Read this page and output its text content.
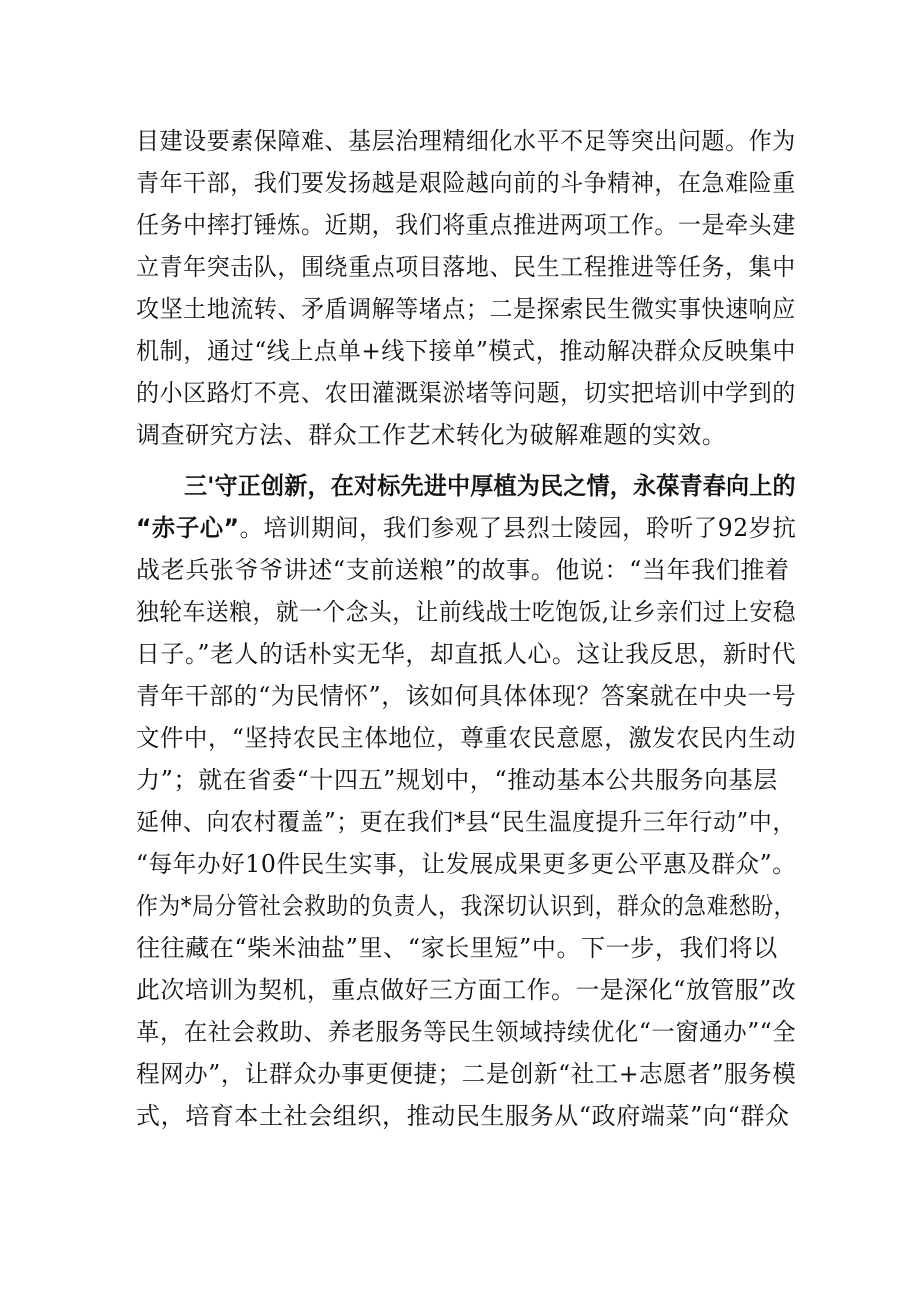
目建设要素保障难、基层治理精细化水平不足等突出问题。作为
青年干部，我们要发扬越是艰险越向前的斗争精神，在急难险重
任务中摔打锤炼。近期，我们将重点推进两项工作。一是牵头建
立青年突击队，围绕重点项目落地、民生工程推进等任务，集中
攻坚土地流转、矛盾调解等堵点；二是探索民生微实事快速响应
机制，通过“线上点单+线下接单”模式，推动解决群众反映集中
的小区路灯不亮、农田灌溉渠淤堵等问题，切实把培训中学到的
调查研究方法、群众工作艺术转化为破解难题的实效。
三'守正创新，在对标先进中厚植为民之情，永葆青春向上的
“赤子心”。培训期间，我们参观了县烈士陵园，聆听了92岁抗
战老兵张爷爷讲述“支前送粮”的故事。他说：“当年我们推着
独轮车送粮，就一个念头，让前线战士吃饱饭,让乡亲们过上安稳
日子。”老人的话朴实无华，却直抵人心。这让我反思，新时代
青年干部的“为民情怀”，该如何具体体现？答案就在中央一号
文件中，“坚持农民主体地位，尊重农民意愿，激发农民内生动
力”；就在省委“十四五”规划中，“推动基本公共服务向基层
延伸、向农村覆盖”；更在我们*县“民生温度提升三年行动”中，
“每年办好10件民生实事，让发展成果更多更公平惠及群众”。
作为*局分管社会救助的负责人，我深切认识到，群众的急难愁盼，
往往藏在“柴米油盐”里、“家长里短”中。下一步，我们将以
此次培训为契机，重点做好三方面工作。一是深化“放管服”改
革，在社会救助、养老服务等民生领域持续优化“一窗通办”“全
程网办”，让群众办事更便捷；二是创新“社工+志愿者”服务模
式，培育本土社会组织，推动民生服务从“政府端菜”向“群众
